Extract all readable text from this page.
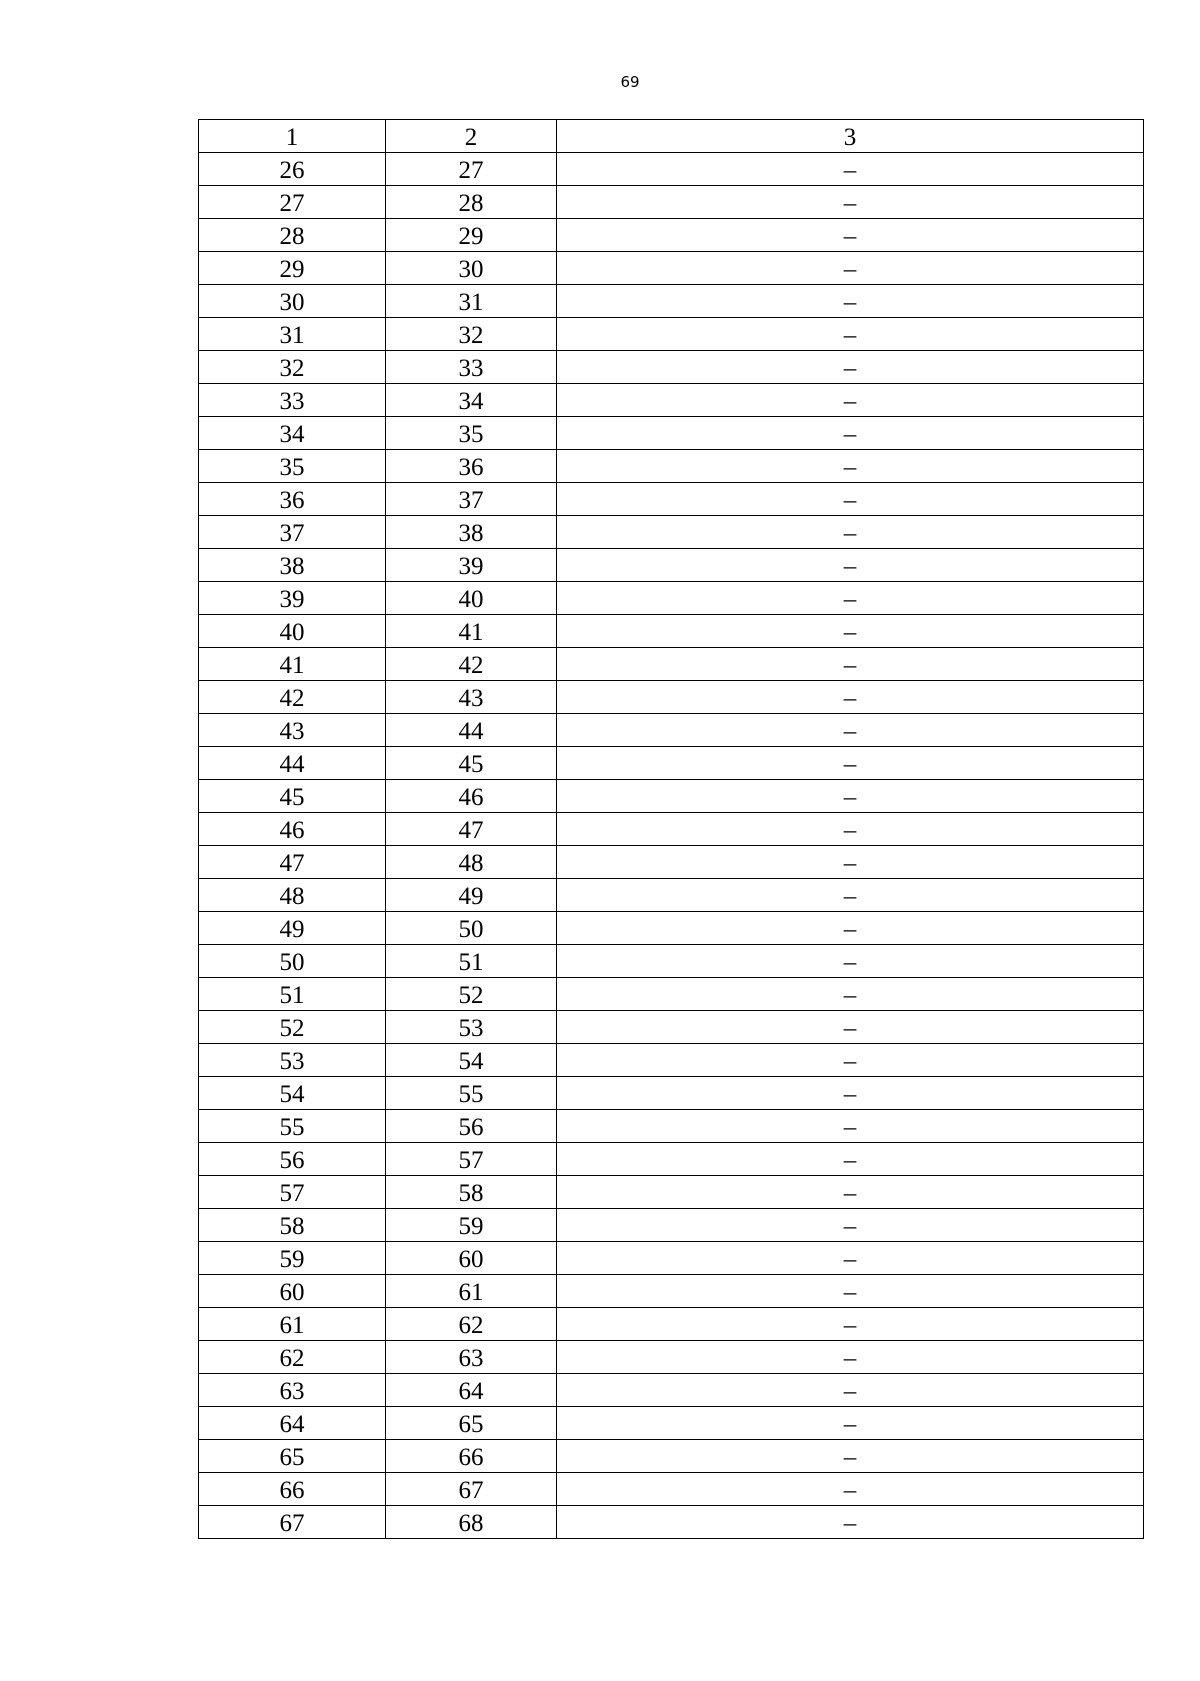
69
1	2	3
26	27	–
27	28	–
28	29	–
29	30	–
30	31	–
31	32	–
32	33	–
33	34	–
34	35	–
35	36	–
36	37	–
37	38	–
38	39	–
39	40	–
40	41	–
41	42	–
42	43	–
43	44	–
44	45	–
45	46	–
46	47	–
47	48	–
48	49	–
49	50	–
50	51	–
51	52	–
52	53	–
53	54	–
54	55	–
55	56	–
56	57	–
57	58	–
58	59	–
59	60	–
60	61	–
61	62	–
62	63	–
63	64	–
64	65	–
65	66	–
66	67	–
67	68	–
